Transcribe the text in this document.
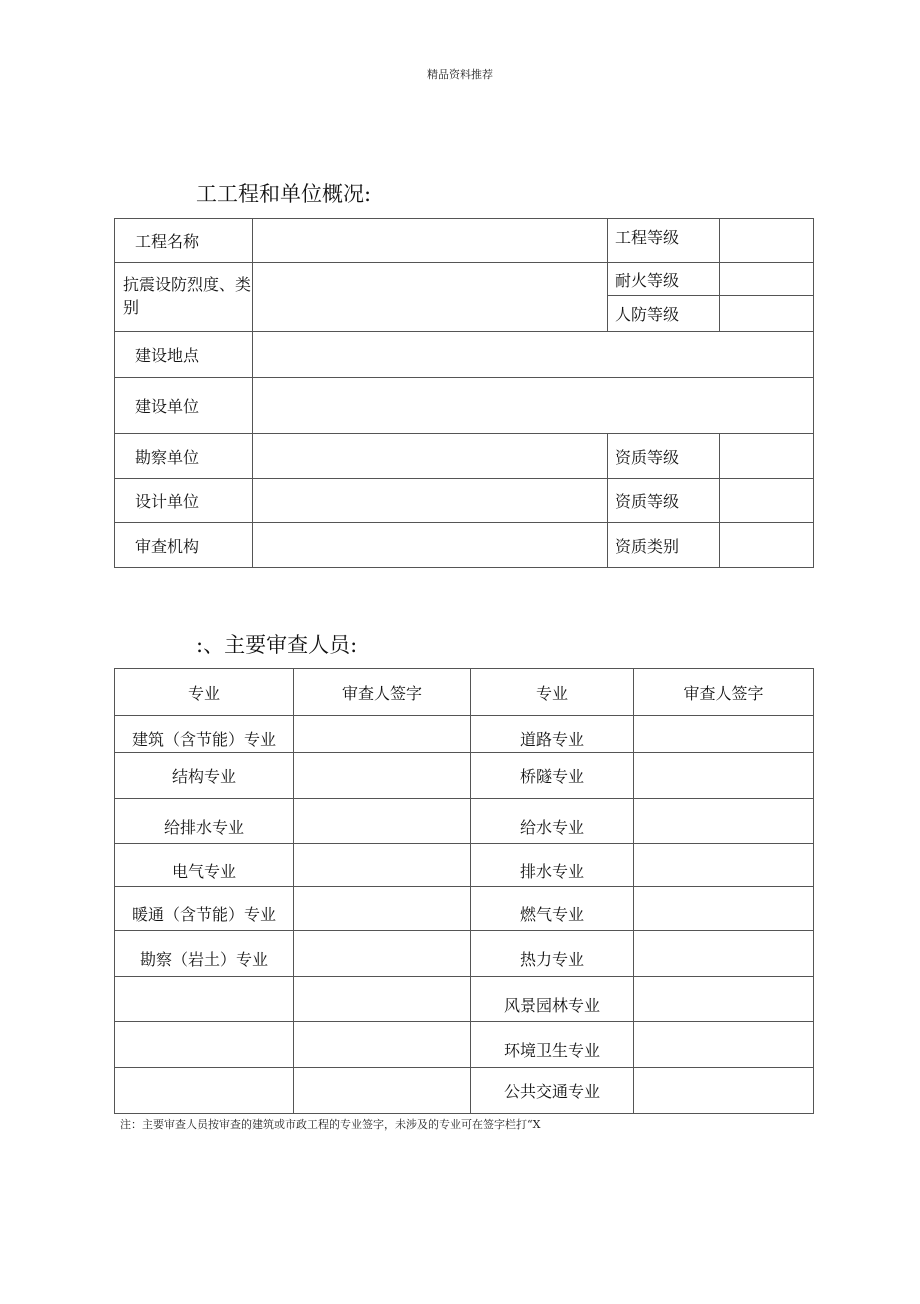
精品资料推荐
工工程和单位概况:
工程名称		工程等级	
抗震设防烈度、类别		耐火等级	
		人防等级	
建设地点			
建设单位			
勘察单位		资质等级	
设计单位		资质等级	
审查机构		资质类别	
:、主要审查人员:
专业	审查人签字	专业	审查人签字
建筑（含节能）专业		道路专业	
结构专业		桥隧专业	
给排水专业		给水专业	
电气专业		排水专业	
暖通（含节能）专业		燃气专业	
勘察（岩土）专业		热力专业	
		风景园林专业	
		环境卫生专业	
		公共交通专业	
注：主要审查人员按审查的建筑或市政工程的专业签字，未涉及的专业可在签字栏打“X
